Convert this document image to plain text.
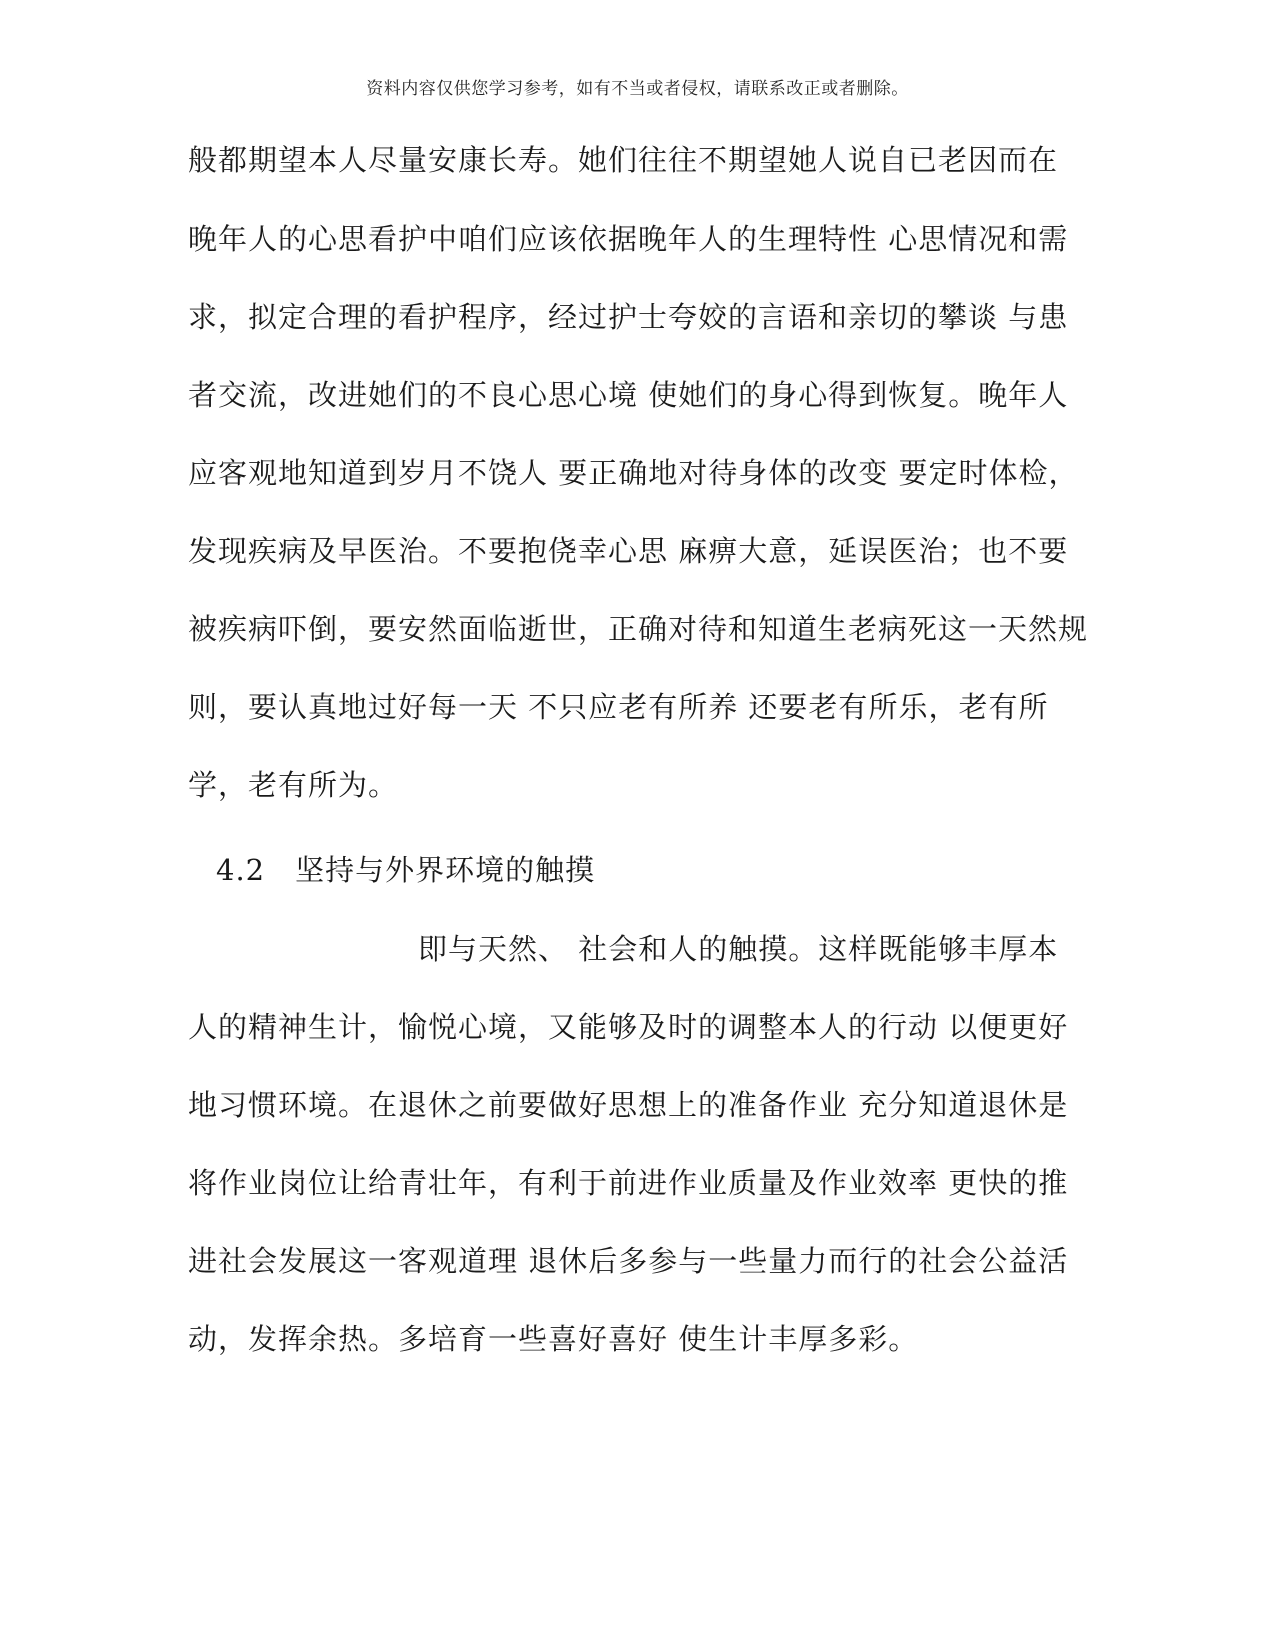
资料内容仅供您学习参考，如有不当或者侵权，请联系改正或者删除。
般都期望本人尽量安康长寿。她们往往不期望她人说自已老因而在
晚年人的心思看护中咱们应该依据晚年人的生理特性 心思情况和需
求，拟定合理的看护程序，经过护士夸姣的言语和亲切的攀谈 与患
者交流，改进她们的不良心思心境 使她们的身心得到恢复。晚年人
应客观地知道到岁月不饶人 要正确地对待身体的改变 要定时体检，
发现疾病及早医治。不要抱侥幸心思 麻痹大意，延误医治；也不要
被疾病吓倒，要安然面临逝世，正确对待和知道生老病死这一天然规
则，要认真地过好每一天 不只应老有所养 还要老有所乐，老有所
学，老有所为。
4.2　坚持与外界环境的触摸
即与天然、 社会和人的触摸。这样既能够丰厚本
人的精神生计，愉悦心境，又能够及时的调整本人的行动 以便更好
地习惯环境。在退休之前要做好思想上的准备作业 充分知道退休是
将作业岗位让给青壮年，有利于前进作业质量及作业效率 更快的推
进社会发展这一客观道理 退休后多参与一些量力而行的社会公益活
动，发挥余热。多培育一些喜好喜好 使生计丰厚多彩。
